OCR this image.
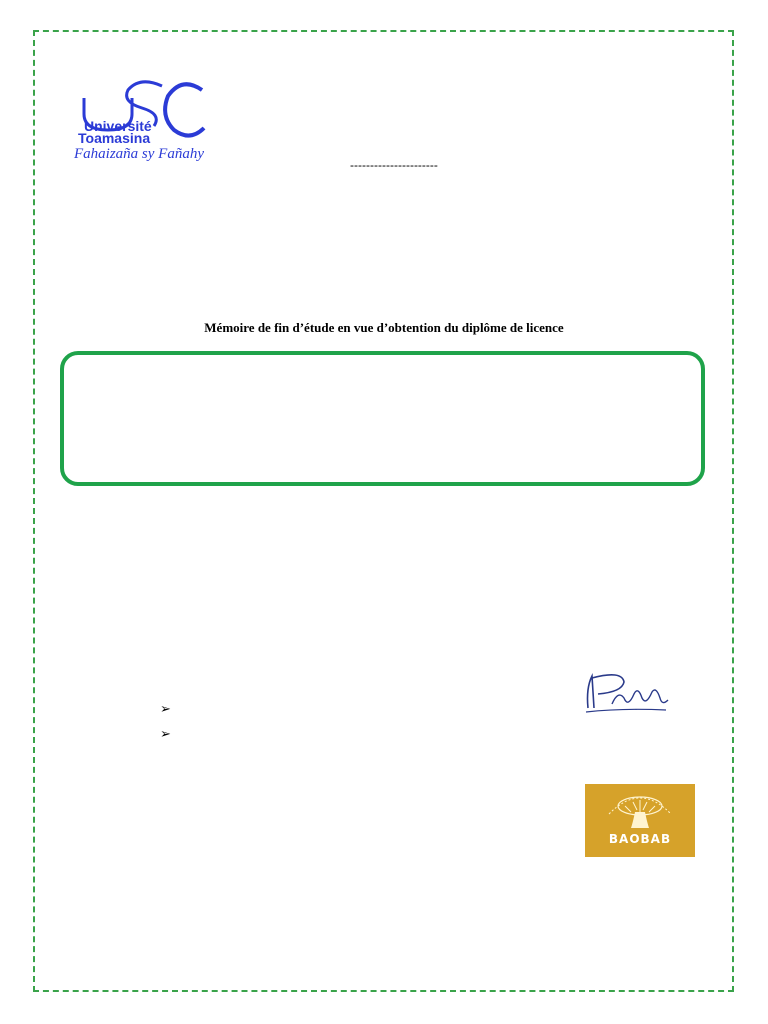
Université
Toamasina
Fahaizaña sy Fañahy
----------------------
Mémoire de fin d’étude en vue d’obtention du diplôme de licence
➢
➢
BAOBAB
